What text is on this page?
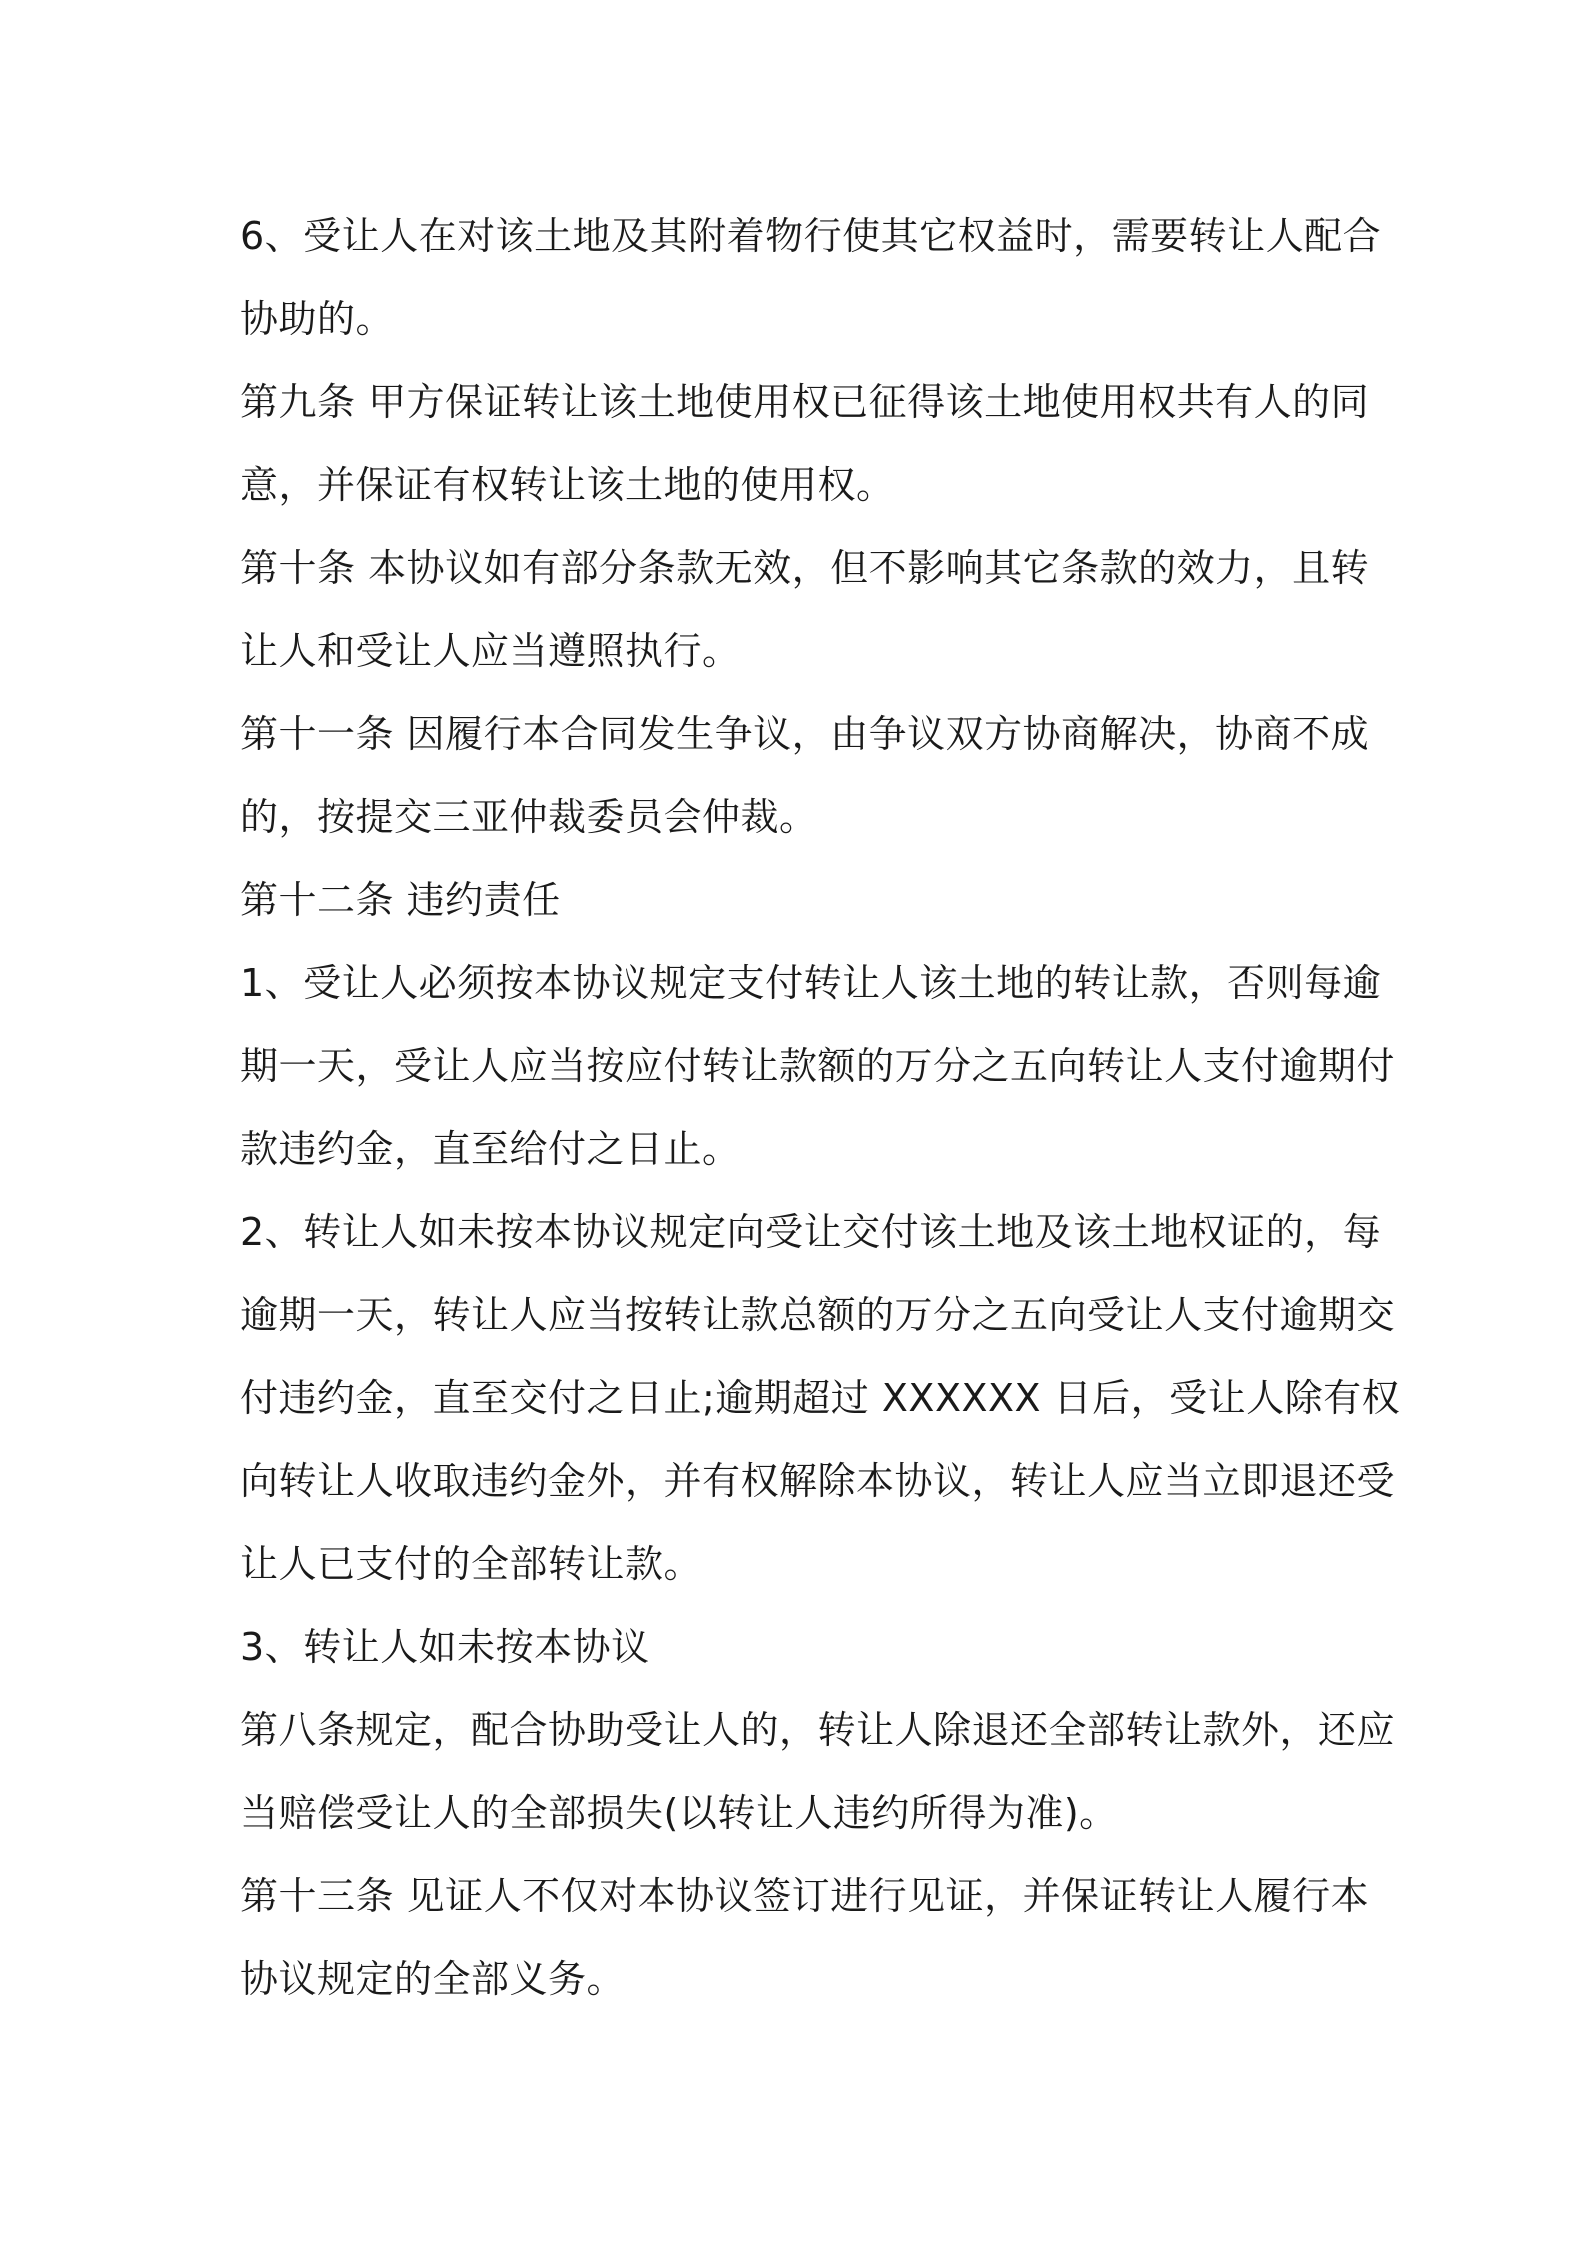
6、受让人在对该土地及其附着物行使其它权益时，需要转让人配合
协助的。
第九条 甲方保证转让该土地使用权已征得该土地使用权共有人的同
意，并保证有权转让该土地的使用权。
第十条 本协议如有部分条款无效，但不影响其它条款的效力，且转
让人和受让人应当遵照执行。
第十一条 因履行本合同发生争议，由争议双方协商解决，协商不成
的，按提交三亚仲裁委员会仲裁。
第十二条 违约责任
1、受让人必须按本协议规定支付转让人该土地的转让款，否则每逾
期一天，受让人应当按应付转让款额的万分之五向转让人支付逾期付
款违约金，直至给付之日止。
2、转让人如未按本协议规定向受让交付该土地及该土地权证的，每
逾期一天，转让人应当按转让款总额的万分之五向受让人支付逾期交
付违约金，直至交付之日止;逾期超过 XXXXXX 日后，受让人除有权
向转让人收取违约金外，并有权解除本协议，转让人应当立即退还受
让人已支付的全部转让款。
3、转让人如未按本协议
第八条规定，配合协助受让人的，转让人除退还全部转让款外，还应
当赔偿受让人的全部损失(以转让人违约所得为准)。
第十三条 见证人不仅对本协议签订进行见证，并保证转让人履行本
协议规定的全部义务。
